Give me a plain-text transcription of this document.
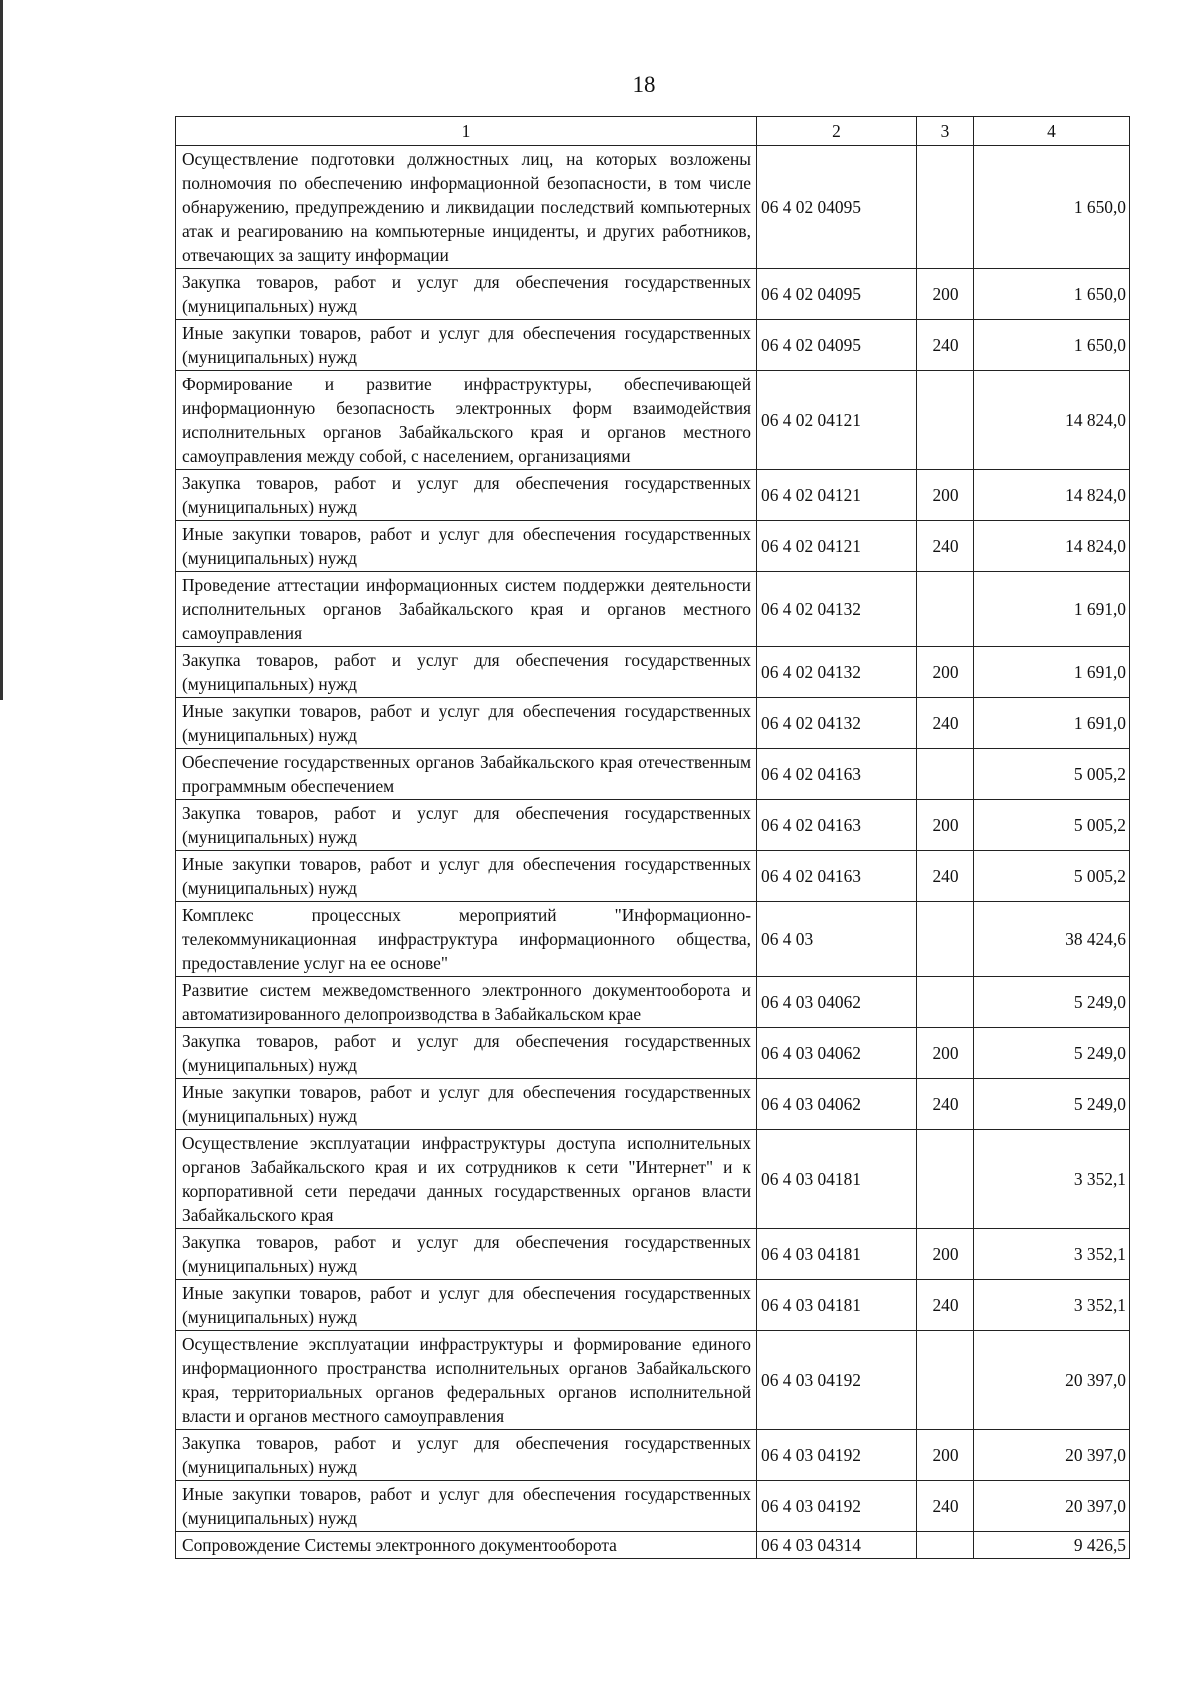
18
1	2	3	4
Осуществление подготовки должностных лиц, на которых возложены полномочия по обеспечению информационной безопасности, в том числе обнаружению, предупреждению и ликвидации последствий компьютерных атак и реагированию на компьютерные инциденты, и других работников, отвечающих за защиту информации	06 4 02 04095		1 650,0
Закупка товаров, работ и услуг для обеспечения государственных (муниципальных) нужд	06 4 02 04095	200	1 650,0
Иные закупки товаров, работ и услуг для обеспечения государственных (муниципальных) нужд	06 4 02 04095	240	1 650,0
Формирование и развитие инфраструктуры, обеспечивающей информационную безопасность электронных форм взаимодействия исполнительных органов Забайкальского края и органов местного самоуправления между собой, с населением, организациями	06 4 02 04121		14 824,0
Закупка товаров, работ и услуг для обеспечения государственных (муниципальных) нужд	06 4 02 04121	200	14 824,0
Иные закупки товаров, работ и услуг для обеспечения государственных (муниципальных) нужд	06 4 02 04121	240	14 824,0
Проведение аттестации информационных систем поддержки деятельности исполнительных органов Забайкальского края и органов местного самоуправления	06 4 02 04132		1 691,0
Закупка товаров, работ и услуг для обеспечения государственных (муниципальных) нужд	06 4 02 04132	200	1 691,0
Иные закупки товаров, работ и услуг для обеспечения государственных (муниципальных) нужд	06 4 02 04132	240	1 691,0
Обеспечение государственных органов Забайкальского края отечественным программным обеспечением	06 4 02 04163		5 005,2
Закупка товаров, работ и услуг для обеспечения государственных (муниципальных) нужд	06 4 02 04163	200	5 005,2
Иные закупки товаров, работ и услуг для обеспечения государственных (муниципальных) нужд	06 4 02 04163	240	5 005,2
Комплекс процессных мероприятий "Информационно-телекоммуникационная инфраструктура информационного общества, предоставление услуг на ее основе"	06 4 03		38 424,6
Развитие систем межведомственного электронного документооборота и автоматизированного делопроизводства в Забайкальском крае	06 4 03 04062		5 249,0
Закупка товаров, работ и услуг для обеспечения государственных (муниципальных) нужд	06 4 03 04062	200	5 249,0
Иные закупки товаров, работ и услуг для обеспечения государственных (муниципальных) нужд	06 4 03 04062	240	5 249,0
Осуществление эксплуатации инфраструктуры доступа исполнительных органов Забайкальского края и их сотрудников к сети "Интернет" и к корпоративной сети передачи данных государственных органов власти Забайкальского края	06 4 03 04181		3 352,1
Закупка товаров, работ и услуг для обеспечения государственных (муниципальных) нужд	06 4 03 04181	200	3 352,1
Иные закупки товаров, работ и услуг для обеспечения государственных (муниципальных) нужд	06 4 03 04181	240	3 352,1
Осуществление эксплуатации инфраструктуры и формирование единого информационного пространства исполнительных органов Забайкальского края, территориальных органов федеральных органов исполнительной власти и органов местного самоуправления	06 4 03 04192		20 397,0
Закупка товаров, работ и услуг для обеспечения государственных (муниципальных) нужд	06 4 03 04192	200	20 397,0
Иные закупки товаров, работ и услуг для обеспечения государственных (муниципальных) нужд	06 4 03 04192	240	20 397,0
Сопровождение Системы электронного документооборота	06 4 03 04314		9 426,5
